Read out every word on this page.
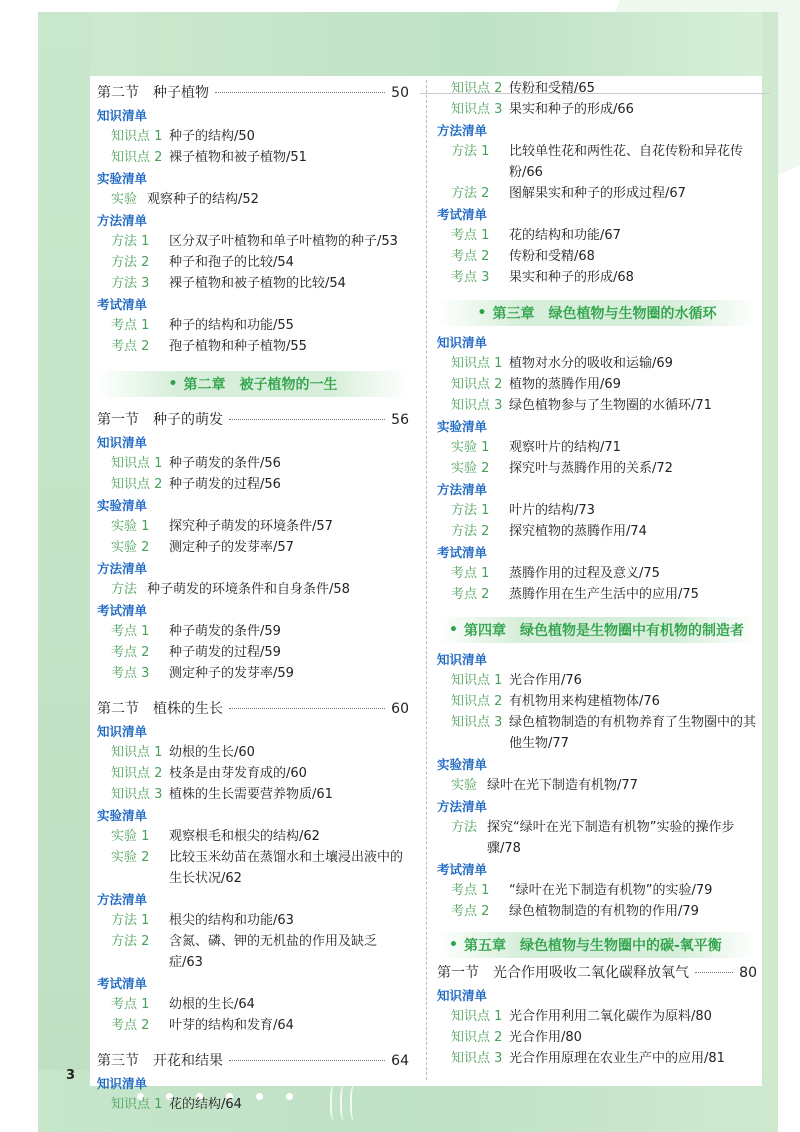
3
第二节　种子植物	50
知识清单
知识点 1 种子的结构/50
知识点 2 裸子植物和被子植物/51
实验清单
实验 观察种子的结构/52
方法清单
方法 1	区分双子叶植物和单子叶植物的种子/53
方法 2	种子和孢子的比较/54
方法 3	裸子植物和被子植物的比较/54
考试清单
考点 1	种子的结构和功能/55
考点 2	孢子植物和种子植物/55
• 第二章　被子植物的一生
第一节　种子的萌发	56
知识清单
知识点 1 种子萌发的条件/56
知识点 2 种子萌发的过程/56
实验清单
实验 1	探究种子萌发的环境条件/57
实验 2	测定种子的发芽率/57
方法清单
方法 种子萌发的环境条件和自身条件/58
考试清单
考点 1	种子萌发的条件/59
考点 2	种子萌发的过程/59
考点 3	测定种子的发芽率/59
第二节　植株的生长	60
知识清单
知识点 1 幼根的生长/60
知识点 2 枝条是由芽发育成的/60
知识点 3 植株的生长需要营养物质/61
实验清单
实验 1	观察根毛和根尖的结构/62
实验 2	比较玉米幼苗在蒸馏水和土壤浸出液中的生长状况/62
方法清单
方法 1	根尖的结构和功能/63
方法 2	含氮、磷、钾的无机盐的作用及缺乏症/63
考试清单
考点 1	幼根的生长/64
考点 2	叶芽的结构和发育/64
第三节　开花和结果	64
知识清单
知识点 1 花的结构/64
知识点 2 传粉和受精/65
知识点 3 果实和种子的形成/66
方法清单
方法 1	比较单性花和两性花、自花传粉和异花传粉/66
方法 2	图解果实和种子的形成过程/67
考试清单
考点 1	花的结构和功能/67
考点 2	传粉和受精/68
考点 3	果实和种子的形成/68
• 第三章　绿色植物与生物圈的水循环
知识清单
知识点 1 植物对水分的吸收和运输/69
知识点 2 植物的蒸腾作用/69
知识点 3 绿色植物参与了生物圈的水循环/71
实验清单
实验 1	观察叶片的结构/71
实验 2	探究叶与蒸腾作用的关系/72
方法清单
方法 1	叶片的结构/73
方法 2	探究植物的蒸腾作用/74
考试清单
考点 1	蒸腾作用的过程及意义/75
考点 2	蒸腾作用在生产生活中的应用/75
• 第四章　绿色植物是生物圈中有机物的制造者
知识清单
知识点 1 光合作用/76
知识点 2 有机物用来构建植物体/76
知识点 3 绿色植物制造的有机物养育了生物圈中的其他生物/77
实验清单
实验 绿叶在光下制造有机物/77
方法清单
方法 探究“绿叶在光下制造有机物”实验的操作步骤/78
考试清单
考点 1	“绿叶在光下制造有机物”的实验/79
考点 2	绿色植物制造的有机物的作用/79
• 第五章　绿色植物与生物圈中的碳-氧平衡
第一节　光合作用吸收二氧化碳释放氧气	80
知识清单
知识点 1 光合作用利用二氧化碳作为原料/80
知识点 2 光合作用/80
知识点 3 光合作用原理在农业生产中的应用/81
